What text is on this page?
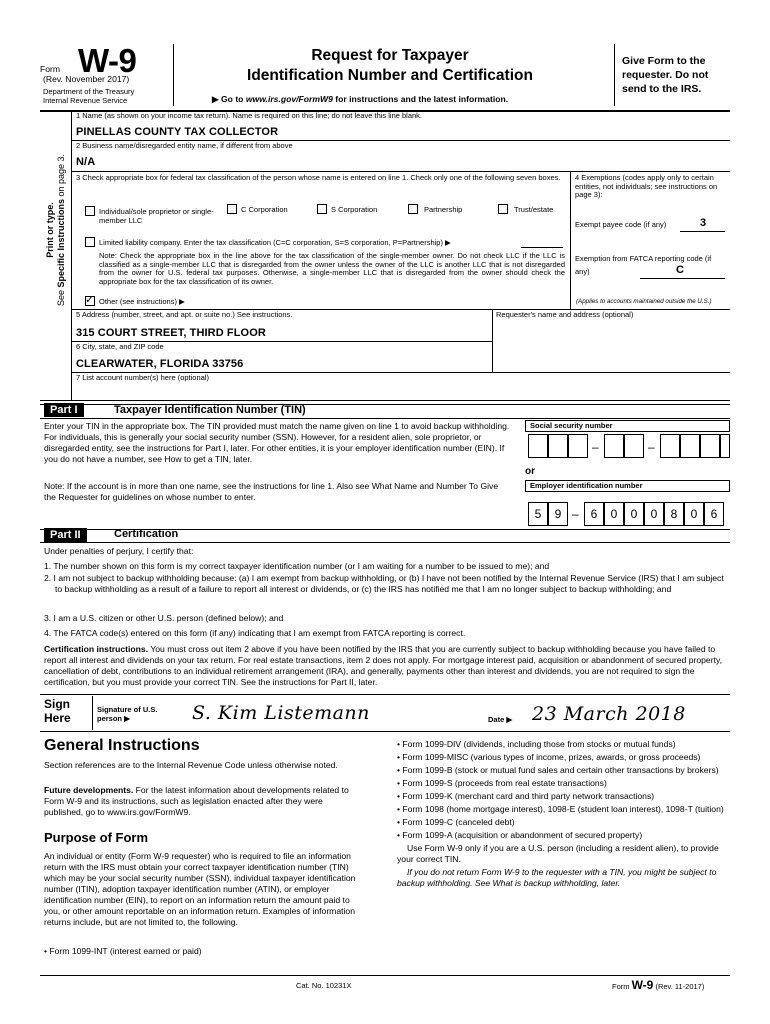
Form W-9
(Rev. November 2017)
Department of the Treasury
Internal Revenue Service
Request for Taxpayer
Identification Number and Certification
▶ Go to www.irs.gov/FormW9 for instructions and the latest information.
Give Form to the requester. Do not send to the IRS.
Print or type.
See Specific Instructions on page 3.
1 Name (as shown on your income tax return). Name is required on this line; do not leave this line blank.
PINELLAS COUNTY TAX COLLECTOR
2 Business name/disregarded entity name, if different from above
N/A
3 Check appropriate box for federal tax classification of the person whose name is entered on line 1. Check only one of the following seven boxes.
Individual/sole proprietor or single-member LLC
C Corporation	S Corporation	Partnership	Trust/estate
Limited liability company. Enter the tax classification (C=C corporation, S=S corporation, P=Partnership) ▶
Note: Check the appropriate box in the line above for the tax classification of the single-member owner. Do not check LLC if the LLC is classified as a single-member LLC that is disregarded from the owner unless the owner of the LLC is another LLC that is not disregarded from the owner for U.S. federal tax purposes. Otherwise, a single-member LLC that is disregarded from the owner should check the appropriate box for the tax classification of its owner.
✓ Other (see instructions) ▶
4 Exemptions (codes apply only to certain entities, not individuals; see instructions on page 3):
Exempt payee code (if any)	3
Exemption from FATCA reporting code (if any)	C
(Applies to accounts maintained outside the U.S.)
5 Address (number, street, and apt. or suite no.) See instructions.	Requester's name and address (optional)
315 COURT STREET, THIRD FLOOR
6 City, state, and ZIP code
CLEARWATER, FLORIDA 33756
7 List account number(s) here (optional)
Part I	Taxpayer Identification Number (TIN)
Enter your TIN in the appropriate box. The TIN provided must match the name given on line 1 to avoid backup withholding. For individuals, this is generally your social security number (SSN). However, for a resident alien, sole proprietor, or disregarded entity, see the instructions for Part I, later. For other entities, it is your employer identification number (EIN). If you do not have a number, see How to get a TIN, later.
Note: If the account is in more than one name, see the instructions for line 1. Also see What Name and Number To Give the Requester for guidelines on whose number to enter.
Social security number
–	–
or
Employer identification number
5	9 – 6	0	0	0	8	0	6
Part II	Certification
Under penalties of perjury, I certify that:
1. The number shown on this form is my correct taxpayer identification number (or I am waiting for a number to be issued to me); and
2. I am not subject to backup withholding because: (a) I am exempt from backup withholding, or (b) I have not been notified by the Internal Revenue Service (IRS) that I am subject to backup withholding as a result of a failure to report all interest or dividends, or (c) the IRS has notified me that I am no longer subject to backup withholding; and
3. I am a U.S. citizen or other U.S. person (defined below); and
4. The FATCA code(s) entered on this form (if any) indicating that I am exempt from FATCA reporting is correct.
Certification instructions. You must cross out item 2 above if you have been notified by the IRS that you are currently subject to backup withholding because you have failed to report all interest and dividends on your tax return. For real estate transactions, item 2 does not apply. For mortgage interest paid, acquisition or abandonment of secured property, cancellation of debt, contributions to an individual retirement arrangement (IRA), and generally, payments other than interest and dividends, you are not required to sign the certification, but you must provide your correct TIN. See the instructions for Part II, later.
Sign Here
Signature of U.S. person ▶	S. Kim Listemann	Date ▶ 23 March 2018
General Instructions
Section references are to the Internal Revenue Code unless otherwise noted.
Future developments. For the latest information about developments related to Form W-9 and its instructions, such as legislation enacted after they were published, go to www.irs.gov/FormW9.
Purpose of Form
An individual or entity (Form W-9 requester) who is required to file an information return with the IRS must obtain your correct taxpayer identification number (TIN) which may be your social security number (SSN), individual taxpayer identification number (ITIN), adoption taxpayer identification number (ATIN), or employer identification number (EIN), to report on an information return the amount paid to you, or other amount reportable on an information return. Examples of information returns include, but are not limited to, the following.
• Form 1099-INT (interest earned or paid)
• Form 1099-DIV (dividends, including those from stocks or mutual funds)
• Form 1099-MISC (various types of income, prizes, awards, or gross proceeds)
• Form 1099-B (stock or mutual fund sales and certain other transactions by brokers)
• Form 1099-S (proceeds from real estate transactions)
• Form 1099-K (merchant card and third party network transactions)
• Form 1098 (home mortgage interest), 1098-E (student loan interest), 1098-T (tuition)
• Form 1099-C (canceled debt)
• Form 1099-A (acquisition or abandonment of secured property)
Use Form W-9 only if you are a U.S. person (including a resident alien), to provide your correct TIN.
If you do not return Form W-9 to the requester with a TIN, you might be subject to backup withholding. See What is backup withholding, later.
Cat. No. 10231X	Form W-9 (Rev. 11-2017)
